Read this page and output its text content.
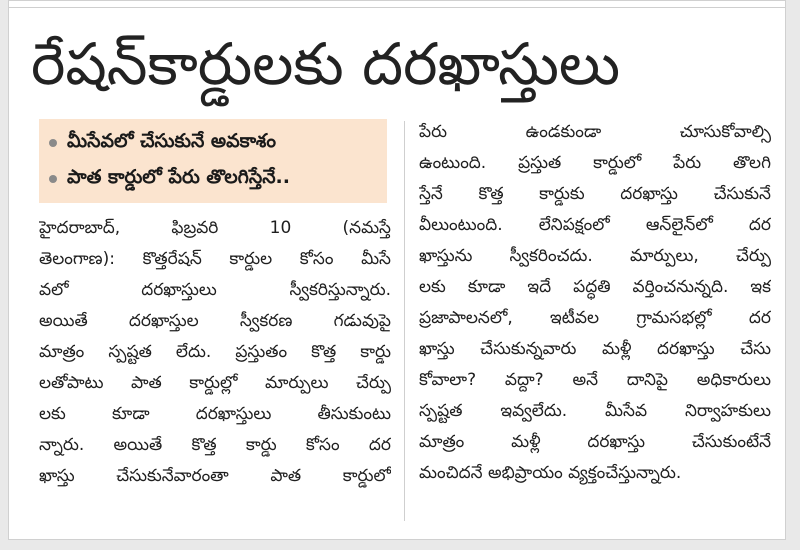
రేషన్‌కార్డులకు దరఖాస్తులు
మీసేవలో చేసుకునే అవకాశం
పాత కార్డులో పేరు తొలగిస్తేనే..
హైదరాబాద్, ఫిబ్రవరి 10 (నమస్తే
తెలంగాణ): కొత్తరేషన్ కార్డుల కోసం మీసే
వలో దరఖాస్తులు స్వీకరిస్తున్నారు.
అయితే దరఖాస్తుల స్వీకరణ గడువుపై
మాత్రం స్పష్టత లేదు. ప్రస్తుతం కొత్త కార్డు
లతోపాటు పాత కార్డుల్లో మార్పులు చేర్పు
లకు కూడా దరఖాస్తులు తీసుకుంటు
న్నారు. అయితే కొత్త కార్డు కోసం దర
ఖాస్తు చేసుకునేవారంతా పాత కార్డులో
పేరు ఉండకుండా చూసుకోవాల్సి
ఉంటుంది. ప్రస్తుత కార్డులో పేరు తొలగి
స్తేనే కొత్త కార్డుకు దరఖాస్తు చేసుకునే
వీలుంటుంది. లేనిపక్షంలో ఆన్‌లైన్‌లో దర
ఖాస్తును స్వీకరించదు. మార్పులు, చేర్పు
లకు కూడా ఇదే పద్ధతి వర్తించనున్నది. ఇక
ప్రజాపాలనలో, ఇటీవల గ్రామసభల్లో దర
ఖాస్తు చేసుకున్నవారు మళ్లీ దరఖాస్తు చేసు
కోవాలా? వద్దా? అనే దానిపై అధికారులు
స్పష్టత ఇవ్వలేదు. మీసేవ నిర్వాహకులు
మాత్రం మళ్లీ దరఖాస్తు చేసుకుంటేనే
మంచిదనే అభిప్రాయం వ్యక్తంచేస్తున్నారు.
